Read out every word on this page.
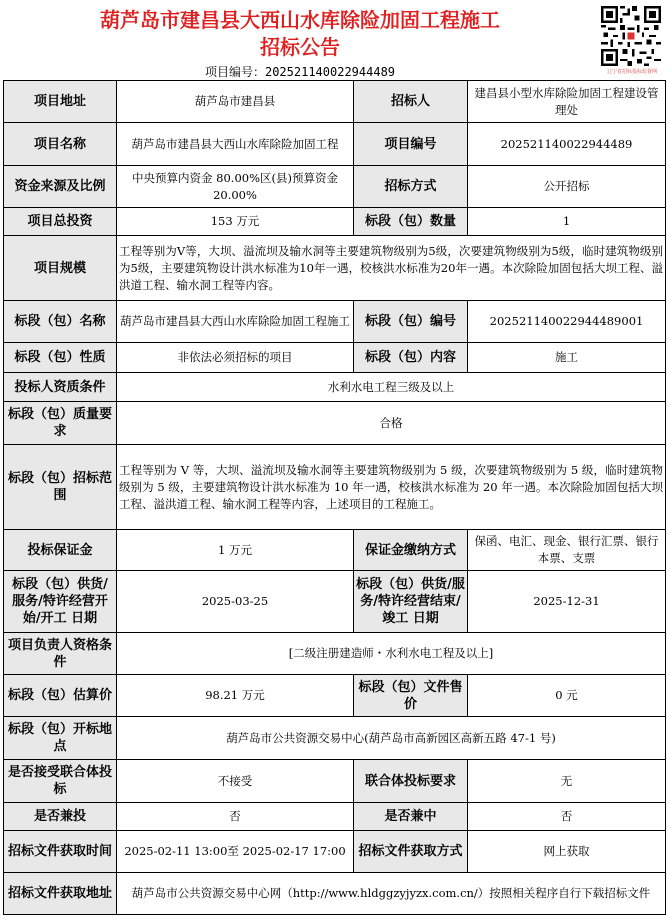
葫芦岛市建昌县大西山水库除险加固工程施工
招标公告
项目编号：202521140022944489	辽宁省招标投标监督网
项目地址	葫芦岛市建昌县	招标人	建昌县小型水库除险加固工程建设管理处
项目名称	葫芦岛市建昌县大西山水库除险加固工程	项目编号	202521140022944489
资金来源及比例	中央预算内资金 80.00%区(县)预算资金 20.00%	招标方式	公开招标
项目总投资	153 万元	标段（包）数量	1
项目规模	工程等别为Ⅴ等，大坝、溢流坝及输水洞等主要建筑物级别为5级，次要建筑物级别为5级，临时建筑物级别为5级，主要建筑物设计洪水标准为10年一遇，校核洪水标准为20年一遇。本次除险加固包括大坝工程、溢洪道工程、输水洞工程等内容。		
标段（包）名称	葫芦岛市建昌县大西山水库除险加固工程施工	标段（包）编号	202521140022944489001
标段（包）性质	非依法必须招标的项目	标段（包）内容	施工
投标人资质条件	水利水电工程三级及以上		
标段（包）质量要求	合格		
标段（包）招标范围	工程等别为 V 等，大坝、溢流坝及输水洞等主要建筑物级别为 5 级，次要建筑物级别为 5 级，临时建筑物级别为 5 级，主要建筑物设计洪水标准为 10 年一遇，校核洪水标准为 20 年一遇。本次除险加固包括大坝工程、溢洪道工程、输水洞工程等内容，上述项目的工程施工。		
投标保证金	1 万元	保证金缴纳方式	保函、电汇、现金、银行汇票、银行本票、支票
标段（包）供货/服务/特许经营开始/开工 日期	2025-03-25	标段（包）供货/服务/特许经营结束/竣工 日期	2025-12-31
项目负责人资格条件	[二级注册建造师・水利水电工程及以上]		
标段（包）估算价	98.21 万元	标段（包）文件售价	0 元
标段（包）开标地点	葫芦岛市公共资源交易中心(葫芦岛市高新园区高新五路 47-1 号)		
是否接受联合体投标	不接受	联合体投标要求	无
是否兼投	否	是否兼中	否
招标文件获取时间	2025-02-11 13:00至 2025-02-17 17:00	招标文件获取方式	网上获取
招标文件获取地址	葫芦岛市公共资源交易中心网（http://www.hldggzyjyzx.com.cn/）按照相关程序自行下载招标文件		
